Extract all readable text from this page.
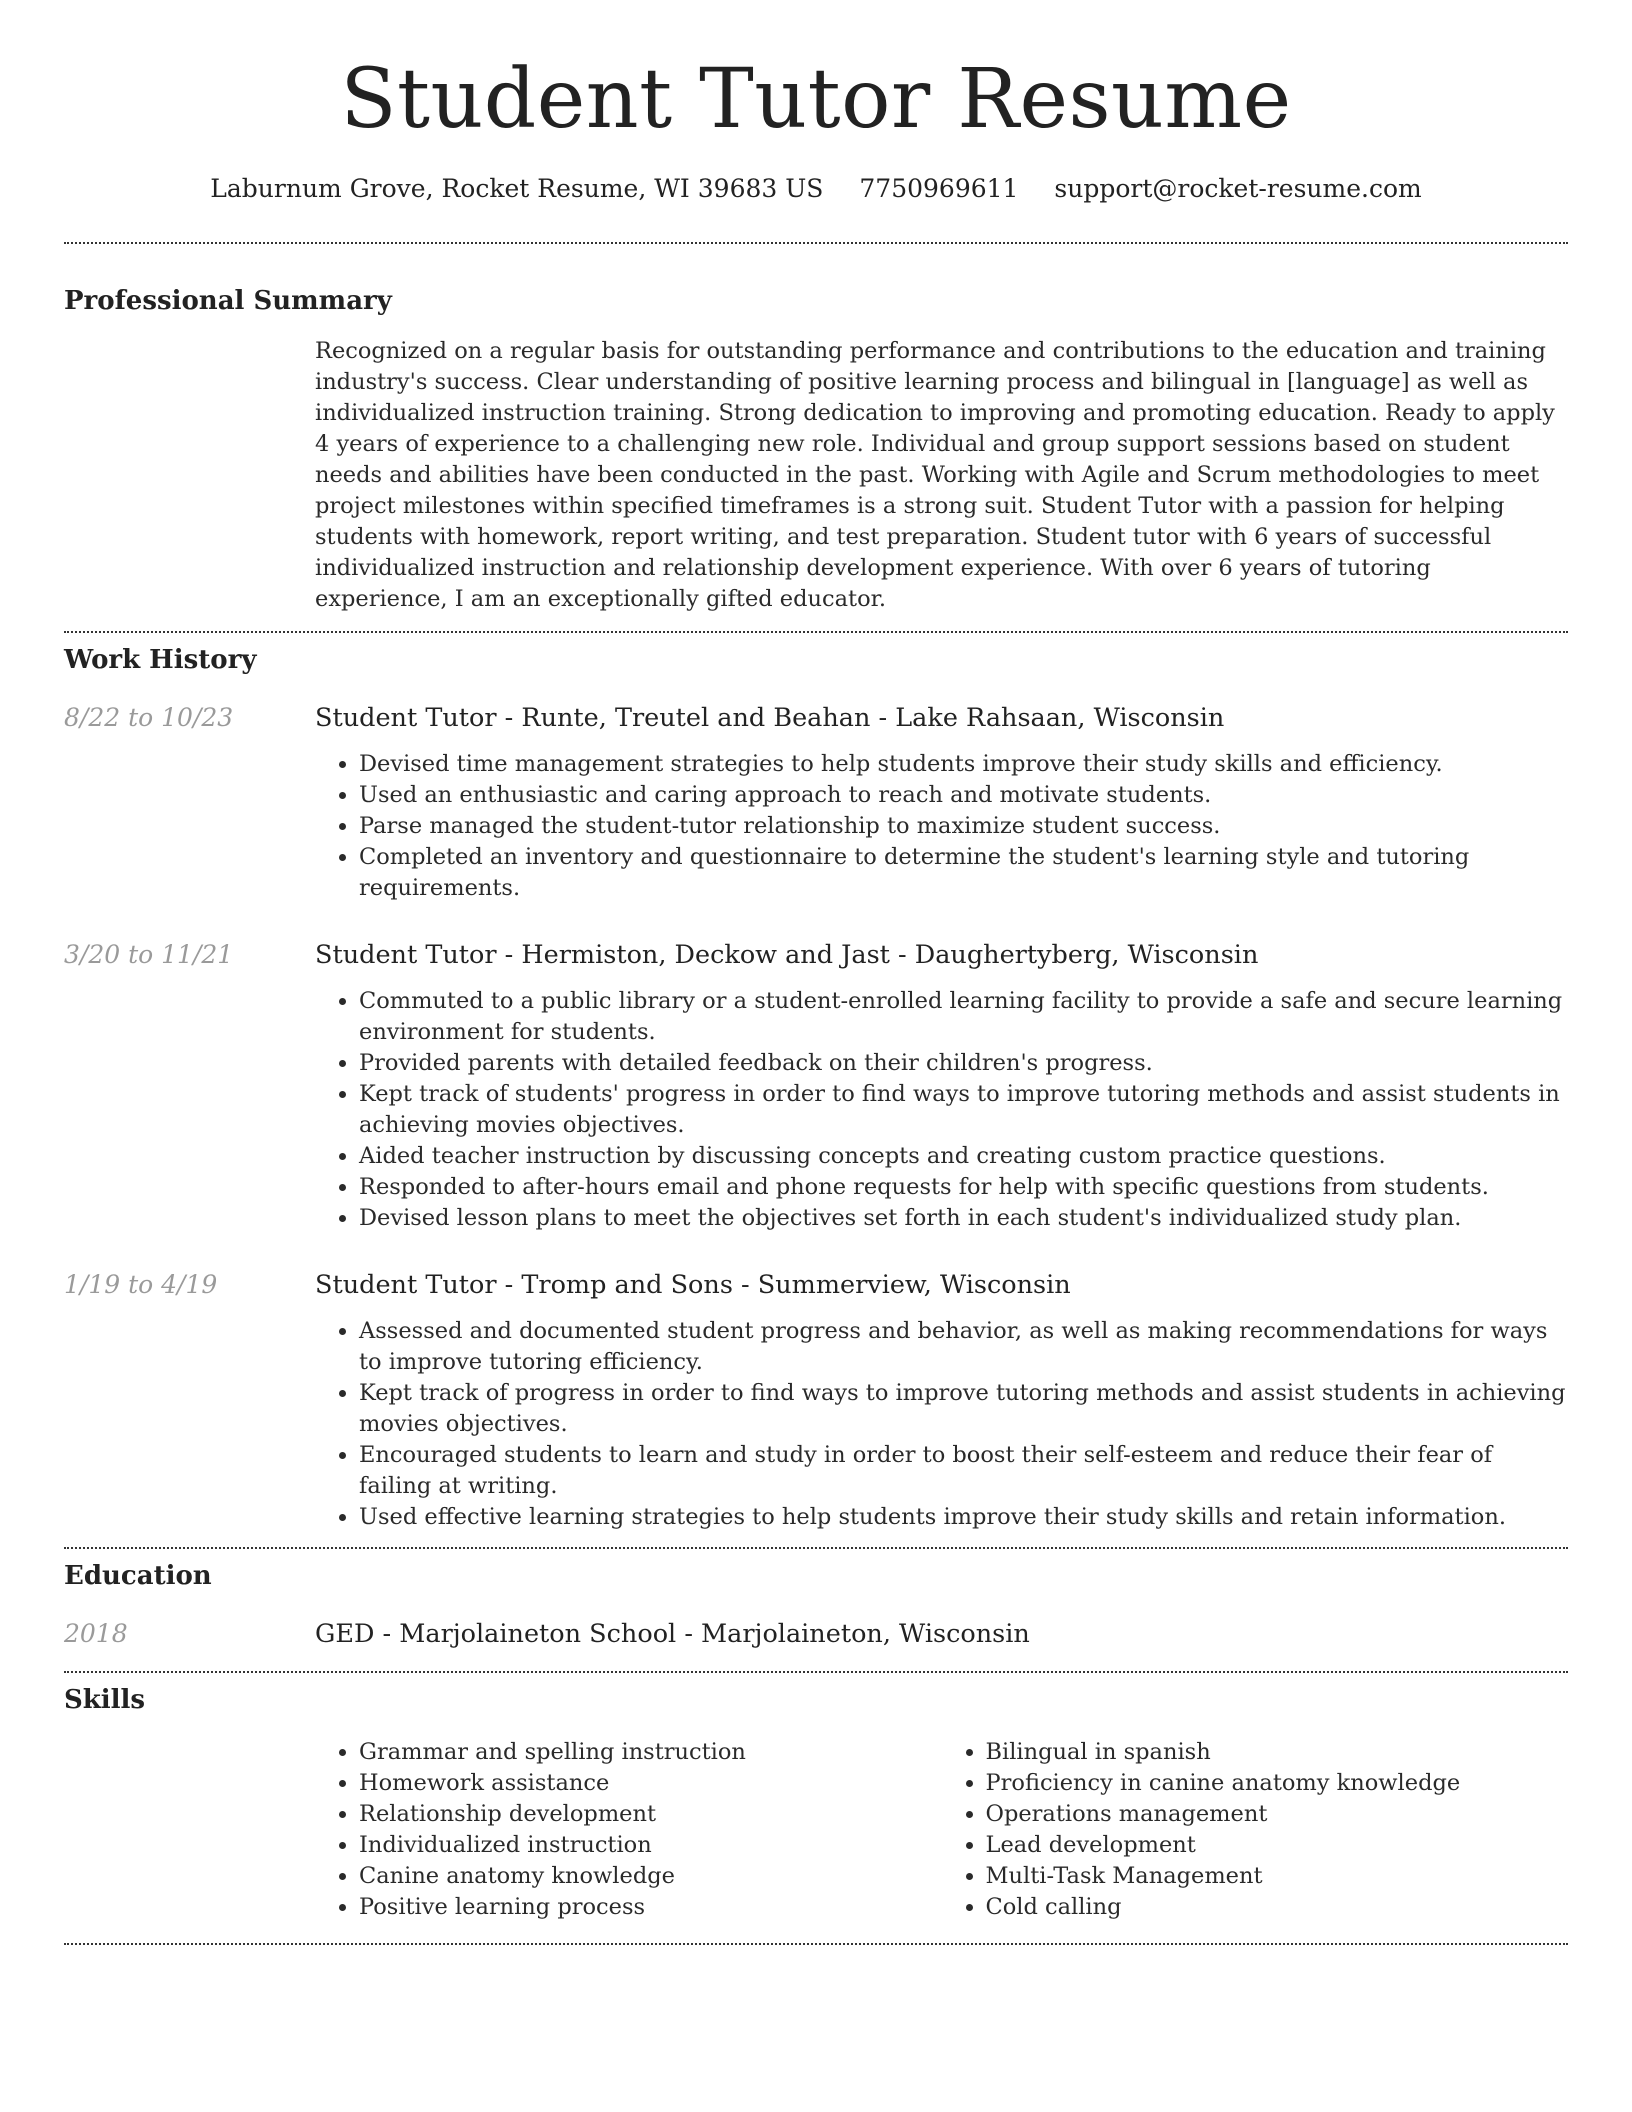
Student Tutor Resume
Laburnum Grove, Rocket Resume, WI 39683 US 7750969611 support@rocket-resume.com
Professional Summary
Recognized on a regular basis for outstanding performance and contributions to the education and training industry's success. Clear understanding of positive learning process and bilingual in [language] as well as individualized instruction training. Strong dedication to improving and promoting education. Ready to apply 4 years of experience to a challenging new role. Individual and group support sessions based on student needs and abilities have been conducted in the past. Working with Agile and Scrum methodologies to meet project milestones within specified timeframes is a strong suit. Student Tutor with a passion for helping students with homework, report writing, and test preparation. Student tutor with 6 years of successful individualized instruction and relationship development experience. With over 6 years of tutoring experience, I am an exceptionally gifted educator.
Work History
8/22 to 10/23	Student Tutor - Runte, Treutel and Beahan - Lake Rahsaan, Wisconsin
• Devised time management strategies to help students improve their study skills and efficiency.
• Used an enthusiastic and caring approach to reach and motivate students.
• Parse managed the student-tutor relationship to maximize student success.
• Completed an inventory and questionnaire to determine the student's learning style and tutoring requirements.
3/20 to 11/21	Student Tutor - Hermiston, Deckow and Jast - Daughertyberg, Wisconsin
• Commuted to a public library or a student-enrolled learning facility to provide a safe and secure learning environment for students.
• Provided parents with detailed feedback on their children's progress.
• Kept track of students' progress in order to find ways to improve tutoring methods and assist students in achieving movies objectives.
• Aided teacher instruction by discussing concepts and creating custom practice questions.
• Responded to after-hours email and phone requests for help with specific questions from students.
• Devised lesson plans to meet the objectives set forth in each student's individualized study plan.
1/19 to 4/19	Student Tutor - Tromp and Sons - Summerview, Wisconsin
• Assessed and documented student progress and behavior, as well as making recommendations for ways to improve tutoring efficiency.
• Kept track of progress in order to find ways to improve tutoring methods and assist students in achieving movies objectives.
• Encouraged students to learn and study in order to boost their self-esteem and reduce their fear of failing at writing.
• Used effective learning strategies to help students improve their study skills and retain information.
Education
2018	GED - Marjolaineton School - Marjolaineton, Wisconsin
Skills
• Grammar and spelling instruction
• Homework assistance
• Relationship development
• Individualized instruction
• Canine anatomy knowledge
• Positive learning process
• Bilingual in spanish
• Proficiency in canine anatomy knowledge
• Operations management
• Lead development
• Multi-Task Management
• Cold calling
